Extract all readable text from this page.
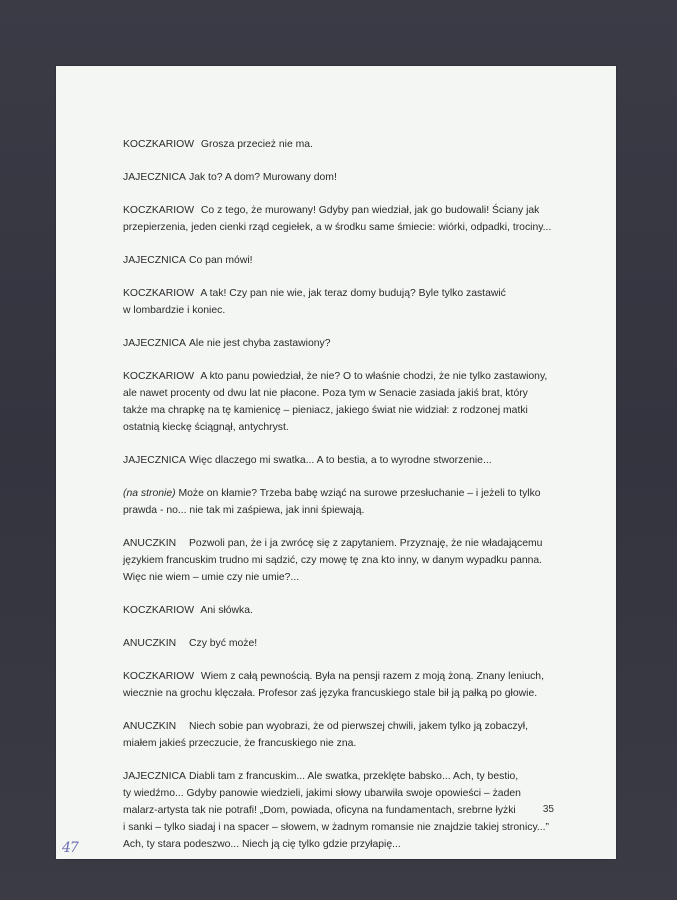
KOCZKARIOW Grosza przecież nie ma.
JAJECZNICA Jak to? A dom? Murowany dom!
KOCZKARIOW Co z tego, że murowany! Gdyby pan wiedział, jak go budowali! Ściany jak
przepierzenia, jeden cienki rząd cegiełek, a w środku same śmiecie: wiórki, odpadki, trociny...
JAJECZNICA Co pan mówi!
KOCZKARIOW A tak! Czy pan nie wie, jak teraz domy budują? Byle tylko zastawić
w lombardzie i koniec.
JAJECZNICA Ale nie jest chyba zastawiony?
KOCZKARIOW A kto panu powiedział, że nie? O to właśnie chodzi, że nie tylko zastawiony,
ale nawet procenty od dwu lat nie płacone. Poza tym w Senacie zasiada jakiś brat, który
także ma chrapkę na tę kamienicę – pieniacz, jakiego świat nie widział: z rodzonej matki
ostatnią kieckę ściągnął, antychryst.
JAJECZNICA Więc dlaczego mi swatka... A to bestia, a to wyrodne stworzenie...
(na stronie) Może on kłamie? Trzeba babę wziąć na surowe przesłuchanie – i jeżeli to tylko
prawda - no... nie tak mi zaśpiewa, jak inni śpiewają.
ANUCZKIN Pozwoli pan, że i ja zwrócę się z zapytaniem. Przyznaję, że nie władającemu
językiem francuskim trudno mi sądzić, czy mowę tę zna kto inny, w danym wypadku panna.
Więc nie wiem – umie czy nie umie?...
KOCZKARIOW Ani słówka.
ANUCZKIN Czy być może!
KOCZKARIOW Wiem z całą pewnością. Była na pensji razem z moją żoną. Znany leniuch,
wiecznie na grochu klęczała. Profesor zaś języka francuskiego stale bił ją pałką po głowie.
ANUCZKIN Niech sobie pan wyobrazi, że od pierwszej chwili, jakem tylko ją zobaczył,
miałem jakieś przeczucie, że francuskiego nie zna.
JAJECZNICA Diabli tam z francuskim... Ale swatka, przeklęte babsko... Ach, ty bestio,
ty wiedźmo... Gdyby panowie wiedzieli, jakimi słowy ubarwiła swoje opowieści – żaden
malarz-artysta tak nie potrafi! „Dom, powiada, oficyna na fundamentach, srebrne łyżki
i sanki – tylko siadaj i na spacer – słowem, w żadnym romansie nie znajdzie takiej stronicy...”
Ach, ty stara podeszwo... Niech ją cię tylko gdzie przyłapię...
35
47
